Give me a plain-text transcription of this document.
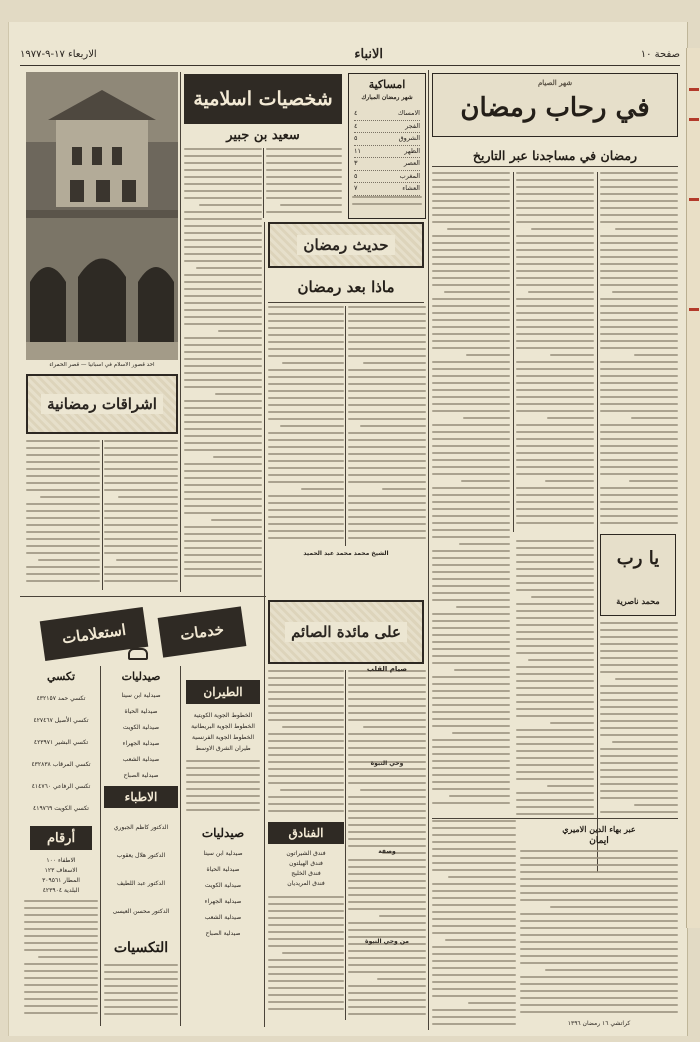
صفحة ١٠
الانباء
الاربعاء ١٧-٩-١٩٧٧
شهر الصيام
في رحاب رمضان
رمضان في مساجدنا عبر التاريخ
يا رب
محمد ناصرية
عبر بهاء الدين الاميري
ايمان
كراتشي ١٦ رمضان ١٣٩٦
امساكية
شهر رمضان المبارك
الامساك
٤
الفجر
٤
الشروق
٥
الظهر
١١
العصر
٣
المغرب
٥
العشاء
٧
شخصيات اسلامية
سعيد بن جبير
حديث رمضان
ماذا بعد رمضان
الشيخ محمد محمد عبد الحميد
احد قصور الاسلام في اسبانيا — قصر الحمراء
اشراقات رمضانية
على مائدة الصائم
صيام القلب
وحي النبوة
وصفة
من وحي النبوة
الفنادق
فندق الشيراتون
فندق الهيلتون
فندق الخليج
فندق المريديان
خدمات
استعلامات
الطيران
الخطوط الجوية الكويتية
الخطوط الجوية البريطانية
الخطوط الجوية الفرنسية
طيران الشرق الاوسط
صيدليات
صيدلية ابن سينا
صيدلية الحياة
صيدلية الكويت
صيدلية الجهراء
صيدلية الشعب
صيدلية الصباح
صيدليات
صيدلية ابن سينا
صيدلية الحياة
صيدلية الكويت
صيدلية الجهراء
صيدلية الشعب
صيدلية الصباح
الاطباء
الدكتور كاظم الجبوري
الدكتور هلال يعقوب
الدكتور عبد اللطيف
الدكتور محسن العيسى
التكسيات
تكسي
تكسي حمد ٤٣٢١٥٧
تكسي الأصيل ٤٢٧٤٦٧
تكسي البشير ٤٢٣٩٧١
تكسي المرقاب ٤٣٢٨٣٨
تكسي الرفاعي ٤١٤٧٦٠
تكسي الكويت ٤١٩٧٦٩
أرقام
الاطفاء ١٠٠
الاسعاف ١٢٣
المطار ٣٠٩٥٦١
البلدية ٤٢٣٩٠٤
